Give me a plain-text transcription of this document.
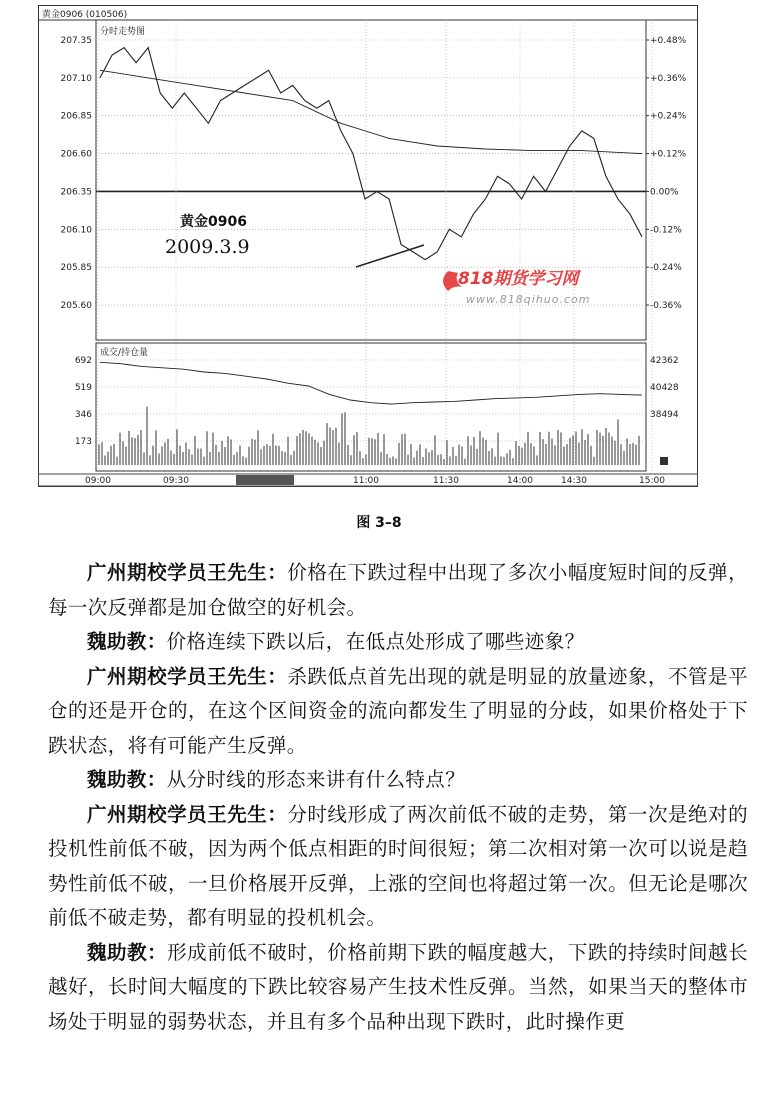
黄金0906 (010506)
分时走势图
成交/持仓量
207.35	+0.48%
207.10	+0.36%
206.85	+0.24%
206.60	+0.12%
206.35	0.00%
206.10	-0.12%
205.85	-0.24%
205.60	-0.36%
09:00	09:30	11:00	11:30	14:00	14:30	15:00
692
519
346
173
42362
40428
38494
黄金0906
2009.3.9
818期货学习网
www.818qihuo.com
图 3–8

广州期校学员王先生：价格在下跌过程中出现了多次小幅度短时间的反弹，每一次反弹都是加仓做空的好机会。

魏助教：价格连续下跌以后，在低点处形成了哪些迹象？

广州期校学员王先生：杀跌低点首先出现的就是明显的放量迹象，不管是平仓的还是开仓的，在这个区间资金的流向都发生了明显的分歧，如果价格处于下跌状态，将有可能产生反弹。

魏助教：从分时线的形态来讲有什么特点？

广州期校学员王先生：分时线形成了两次前低不破的走势，第一次是绝对的投机性前低不破，因为两个低点相距的时间很短；第二次相对第一次可以说是趋势性前低不破，一旦价格展开反弹，上涨的空间也将超过第一次。但无论是哪次前低不破走势，都有明显的投机机会。

魏助教：形成前低不破时，价格前期下跌的幅度越大，下跌的持续时间越长越好，长时间大幅度的下跌比较容易产生技术性反弹。当然，如果当天的整体市场处于明显的弱势状态，并且有多个品种出现下跌时，此时操作更
